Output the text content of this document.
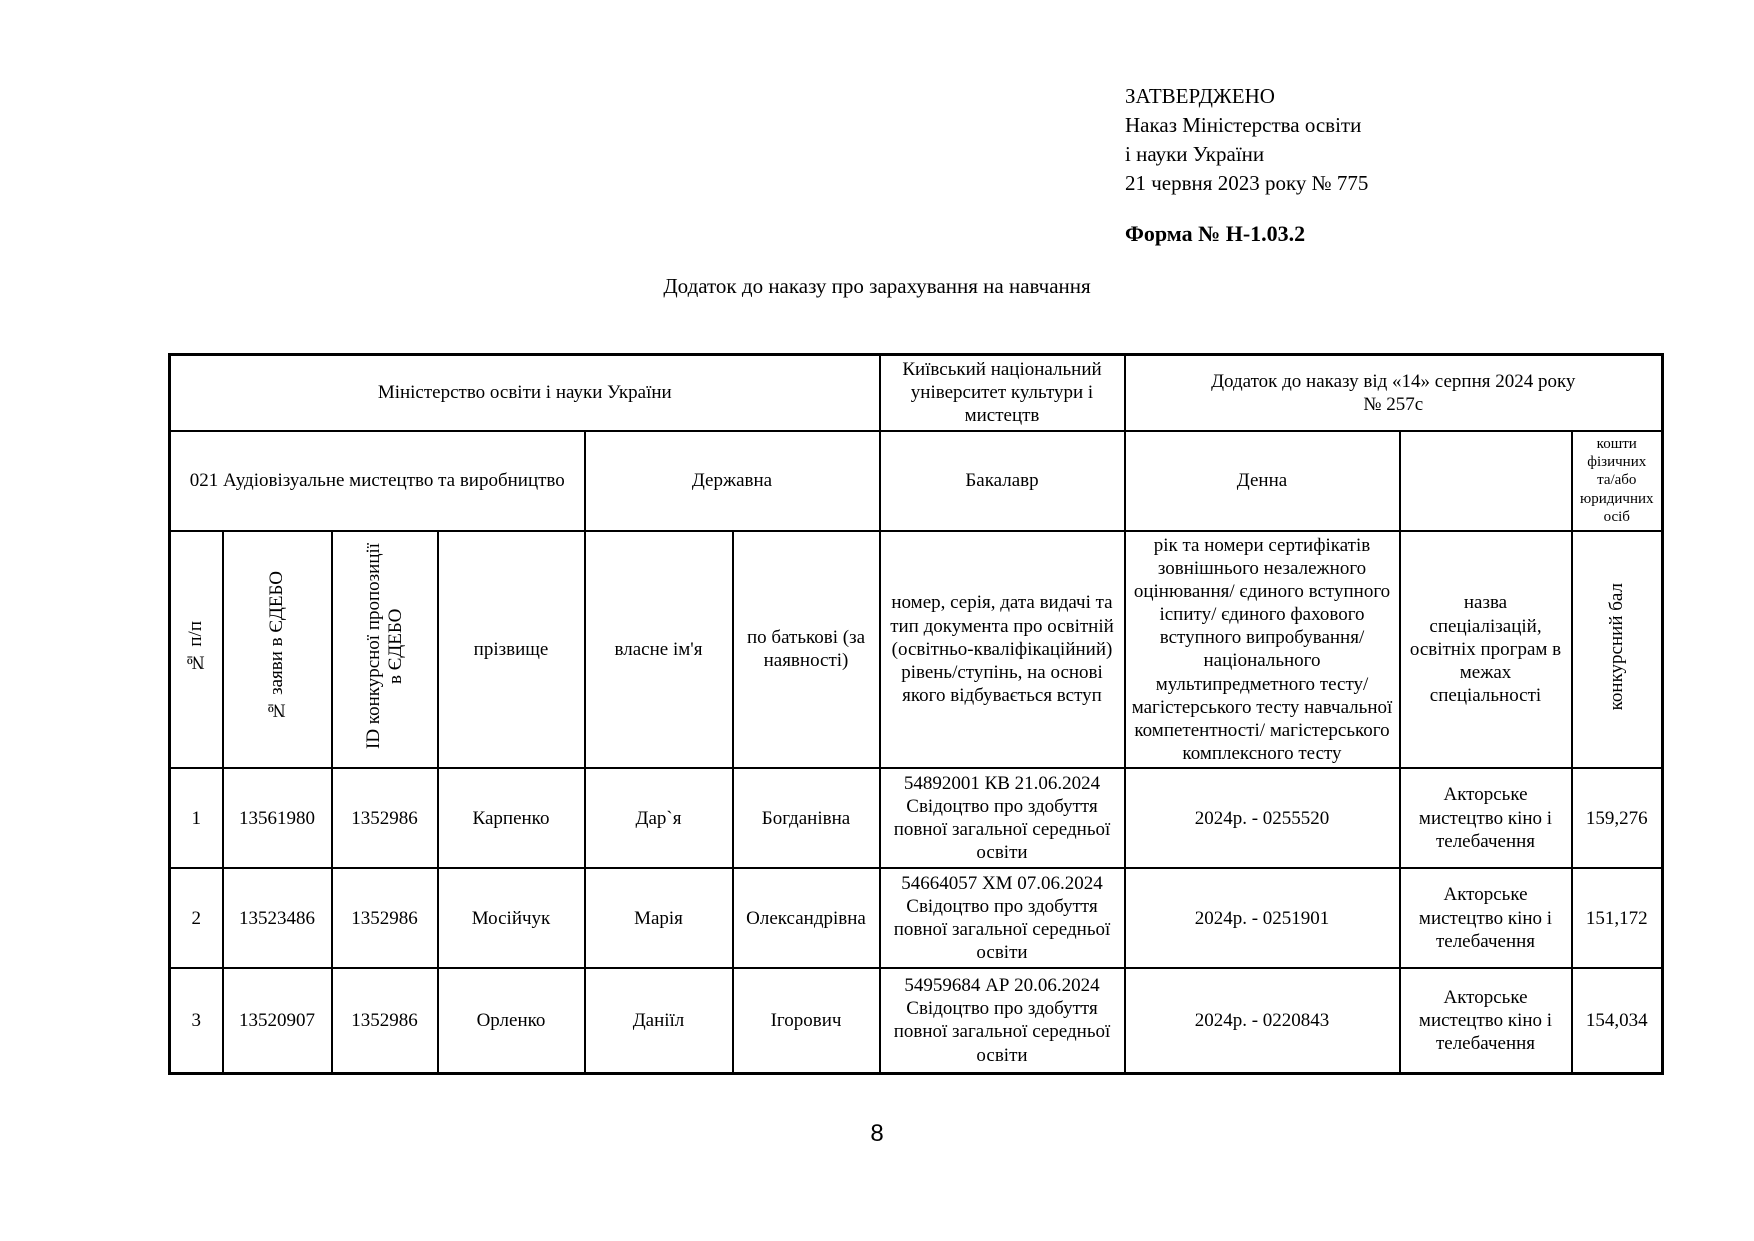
ЗАТВЕРДЖЕНО
Наказ Міністерства освіти
і науки України
21 червня 2023 року № 775
Форма № Н-1.03.2
Додаток до наказу про зарахування на навчання
Міністерство освіти і науки України						Київський національний університет культури і мистецтв	Додаток до наказу від «14» серпня 2024 року
№ 257с		

021 Аудіовізуальне мистецтво та виробництво				Державна		Бакалавр	Денна		кошти фізичних та/або юридичних осіб
№ п/п	№ заяви в ЄДЕБО	ID конкурсної пропозиції в ЄДЕБО	прізвище	власне ім'я	по батькові (за наявності)	номер, серія, дата видачі та тип документа про освітній (освітньо-кваліфікаційний) рівень/ступінь, на основі якого відбувається вступ	рік та номери сертифікатів зовнішнього незалежного оцінювання/ єдиного вступного іспиту/ єдиного фахового вступного випробування/ національного мультипредметного тесту/ магістерського тесту навчальної компетентності/ магістерського комплексного тесту	назва спеціалізацій, освітніх програм в межах спеціальності	конкурсний бал
1	13561980	1352986	Карпенко	Дар`я	Богданівна	54892001 КВ 21.06.2024 Свідоцтво про здобуття повної загальної середньої освіти	2024р. - 0255520	Акторське мистецтво кіно і телебачення	159,276
2	13523486	1352986	Мосійчук	Марія	Олександрівна	54664057 ХМ 07.06.2024 Свідоцтво про здобуття повної загальної середньої освіти	2024р. - 0251901	Акторське мистецтво кіно і телебачення	151,172
3	13520907	1352986	Орленко	Даніїл	Ігорович	54959684 АР 20.06.2024 Свідоцтво про здобуття повної загальної середньої освіти	2024р. - 0220843	Акторське мистецтво кіно і телебачення	154,034
8
